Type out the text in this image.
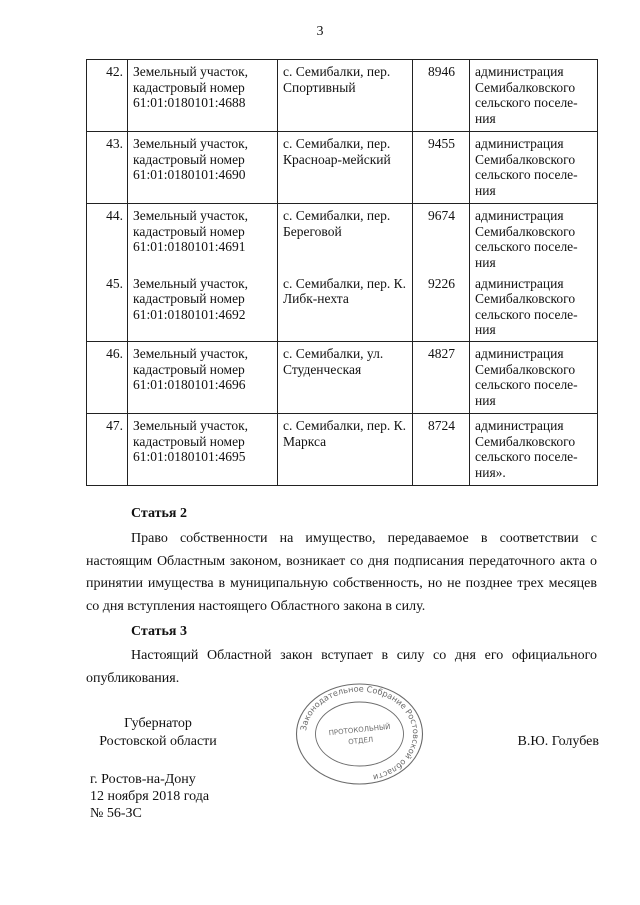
3
42.	Земельный участок, кадастровый номер 61:01:0180101:4688	с. Семибалки, пер. Спортивный	8946	администрация Семибалковского сельского поселе-ния
43.	Земельный участок, кадастровый номер 61:01:0180101:4690	с. Семибалки, пер. Красноар-мейский	9455	администрация Семибалковского сельского поселе-ния
44.	Земельный участок, кадастровый номер 61:01:0180101:4691	с. Семибалки, пер. Береговой	9674	администрация Семибалковского сельского поселе-ния
45.	Земельный участок, кадастровый номер 61:01:0180101:4692	с. Семибалки, пер. К. Либк-нехта	9226	администрация Семибалковского сельского поселе-ния
46.	Земельный участок, кадастровый номер 61:01:0180101:4696	с. Семибалки, ул. Студенческая	4827	администрация Семибалковского сельского поселе-ния
47.	Земельный участок, кадастровый номер 61:01:0180101:4695	с. Семибалки, пер. К. Маркса	8724	администрация Семибалковского сельского поселе-ния».
Статья 2

Право собственности на имущество, передаваемое в соответствии с настоящим Областным законом, возникает со дня подписания передаточного акта о принятии имущества в муниципальную собственность, но не позднее трех месяцев со дня вступления настоящего Областного закона в силу.

Статья 3

Настоящий Областной закон вступает в силу со дня его официального опубликования.

Губернатор
Ростовской области
Законодательное Собрание Ростовской области
ПРОТОКОЛЬНЫЙ
ОТДЕЛ	В.Ю. Голубев
г. Ростов-на-Дону
12 ноября 2018 года
№ 56-ЗС
